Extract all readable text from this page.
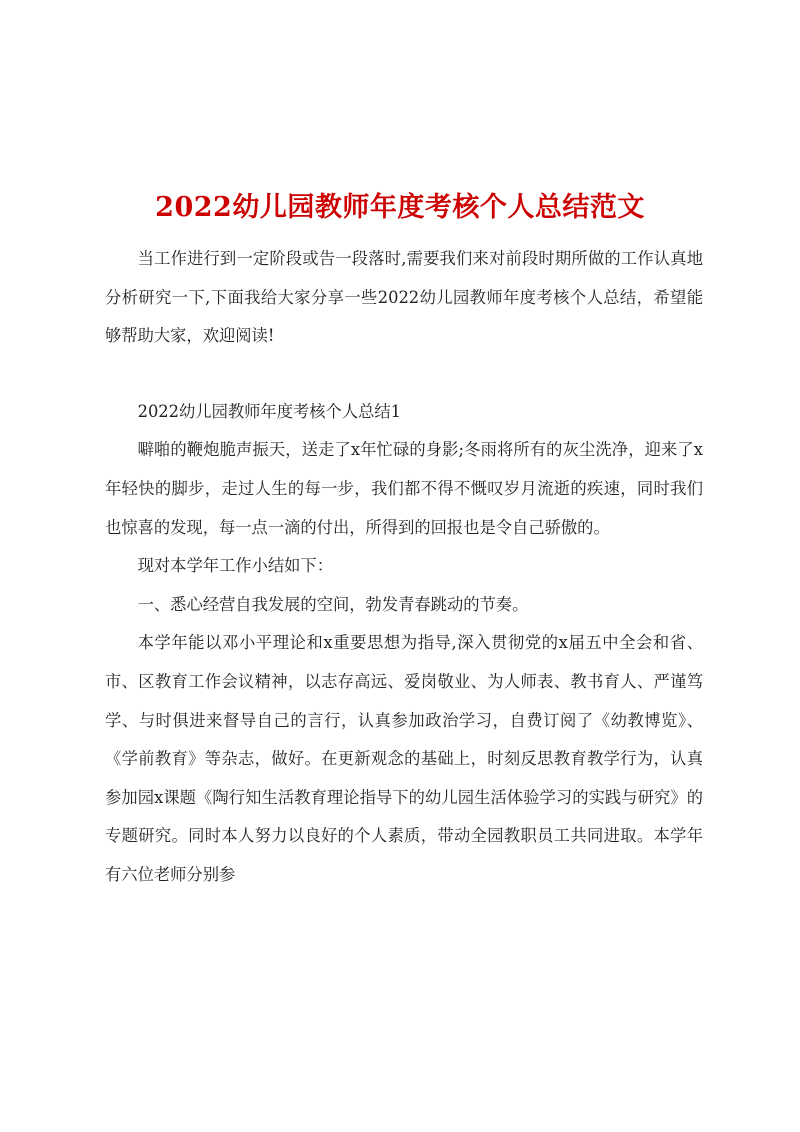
2022幼儿园教师年度考核个人总结范文

当工作进行到一定阶段或告一段落时,需要我们来对前段时期所做的工作认真地分析研究一下,下面我给大家分享一些2022幼儿园教师年度考核个人总结，希望能够帮助大家，欢迎阅读!

2022幼儿园教师年度考核个人总结1

噼啪的鞭炮脆声振天，送走了x年忙碌的身影;冬雨将所有的灰尘洗净，迎来了x年轻快的脚步，走过人生的每一步，我们都不得不慨叹岁月流逝的疾速，同时我们也惊喜的发现，每一点一滴的付出，所得到的回报也是令自己骄傲的。

现对本学年工作小结如下：

一、悉心经营自我发展的空间，勃发青春跳动的节奏。

本学年能以邓小平理论和x重要思想为指导,深入贯彻党的x届五中全会和省、市、区教育工作会议精神，以志存高远、爱岗敬业、为人师表、教书育人、严谨笃学、与时俱进来督导自己的言行，认真参加政治学习，自费订阅了《幼教博览》、《学前教育》等杂志，做好。在更新观念的基础上，时刻反思教育教学行为，认真参加园x课题《陶行知生活教育理论指导下的幼儿园生活体验学习的实践与研究》的专题研究。同时本人努力以良好的个人素质，带动全园教职员工共同进取。本学年有六位老师分别参
